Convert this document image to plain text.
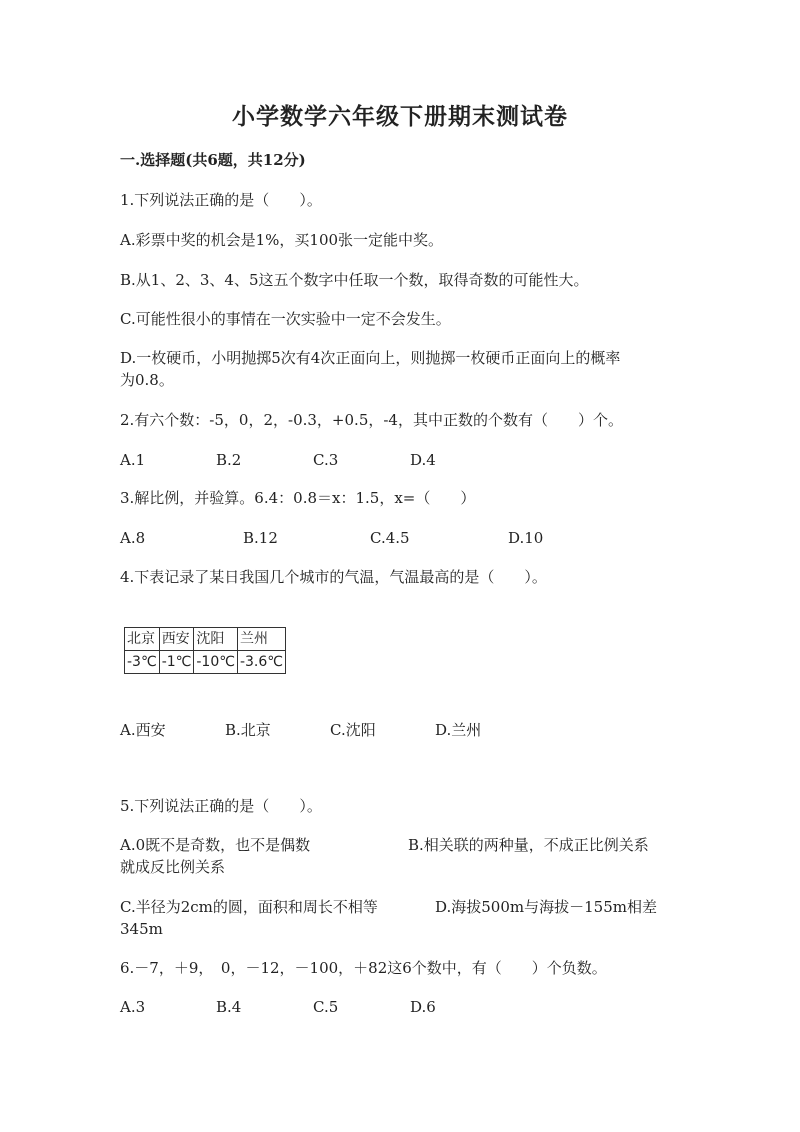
小学数学六年级下册期末测试卷
一.选择题(共6题，共12分)
1.下列说法正确的是（　　）。
A.彩票中奖的机会是1%，买100张一定能中奖。
B.从1、2、3、4、5这五个数字中任取一个数，取得奇数的可能性大。
C.可能性很小的事情在一次实验中一定不会发生。
D.一枚硬币，小明抛掷5次有4次正面向上，则抛掷一枚硬币正面向上的概率
为0.8。
2.有六个数：-5，0，2，-0.3，+0.5，-4，其中正数的个数有（　　）个。
A.1	B.2	C.3	D.4
3.解比例，并验算。6.4：0.8＝x：1.5，x=（　　）
A.8	B.12	C.4.5	D.10
4.下表记录了某日我国几个城市的气温，气温最高的是（　　）。
北京	西安	沈阳	兰州
-3℃	-1℃	-10℃	-3.6℃
A.西安	B.北京	C.沈阳	D.兰州
5.下列说法正确的是（　　）。
A.0既不是奇数，也不是偶数	B.相关联的两种量，不成正比例关系
就成反比例关系
C.半径为2cm的圆，面积和周长不相等	D.海拔500m与海拔－155m相差
345m
6.－7，＋9，　0，－12，－100，＋82这6个数中，有（　　）个负数。
A.3	B.4	C.5	D.6
